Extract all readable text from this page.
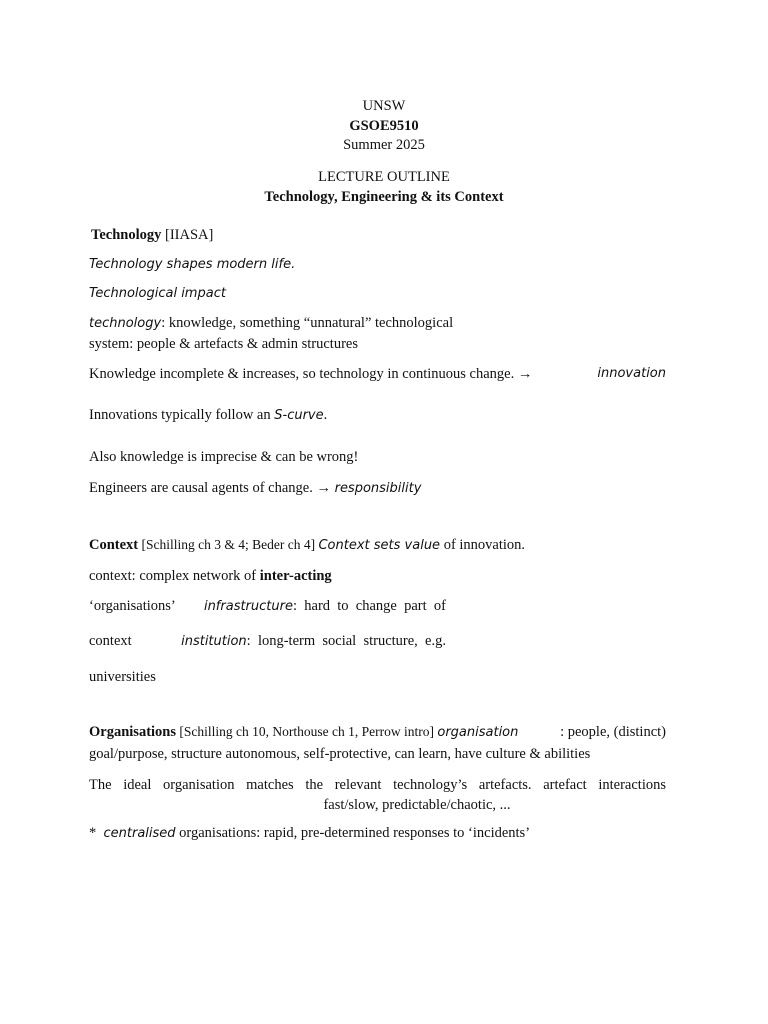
UNSW
GSOE9510
Summer 2025
LECTURE OUTLINE
Technology, Engineering & its Context
Technology [IIASA]
Technology shapes modern life.
Technological impact
technology: knowledge, something “unnatural” technological
system: people & artefacts & admin structures
Knowledge incomplete & increases, so technology in continuous change. →	innovation
Innovations typically follow an S-curve.
Also knowledge is imprecise & can be wrong!
Engineers are causal agents of change. → responsibility
Context [Schilling ch 3 & 4; Beder ch 4] Context sets value of innovation.
context: complex network of inter-acting
‘organisations’ infrastructure:  hard  to  change  part  of
context	institution:  long-term  social  structure,  e.g.
universities
Organisations [Schilling ch 10, Northouse ch 1, Perrow intro] organisation	: people, (distinct)
goal/purpose, structure autonomous, self-protective, can learn, have culture & abilities
The ideal organisation matches the relevant technology’s artefacts. artefact interactions
fast/slow, predictable/chaotic, ...
* centralised organisations: rapid, pre-determined responses to ‘incidents’
